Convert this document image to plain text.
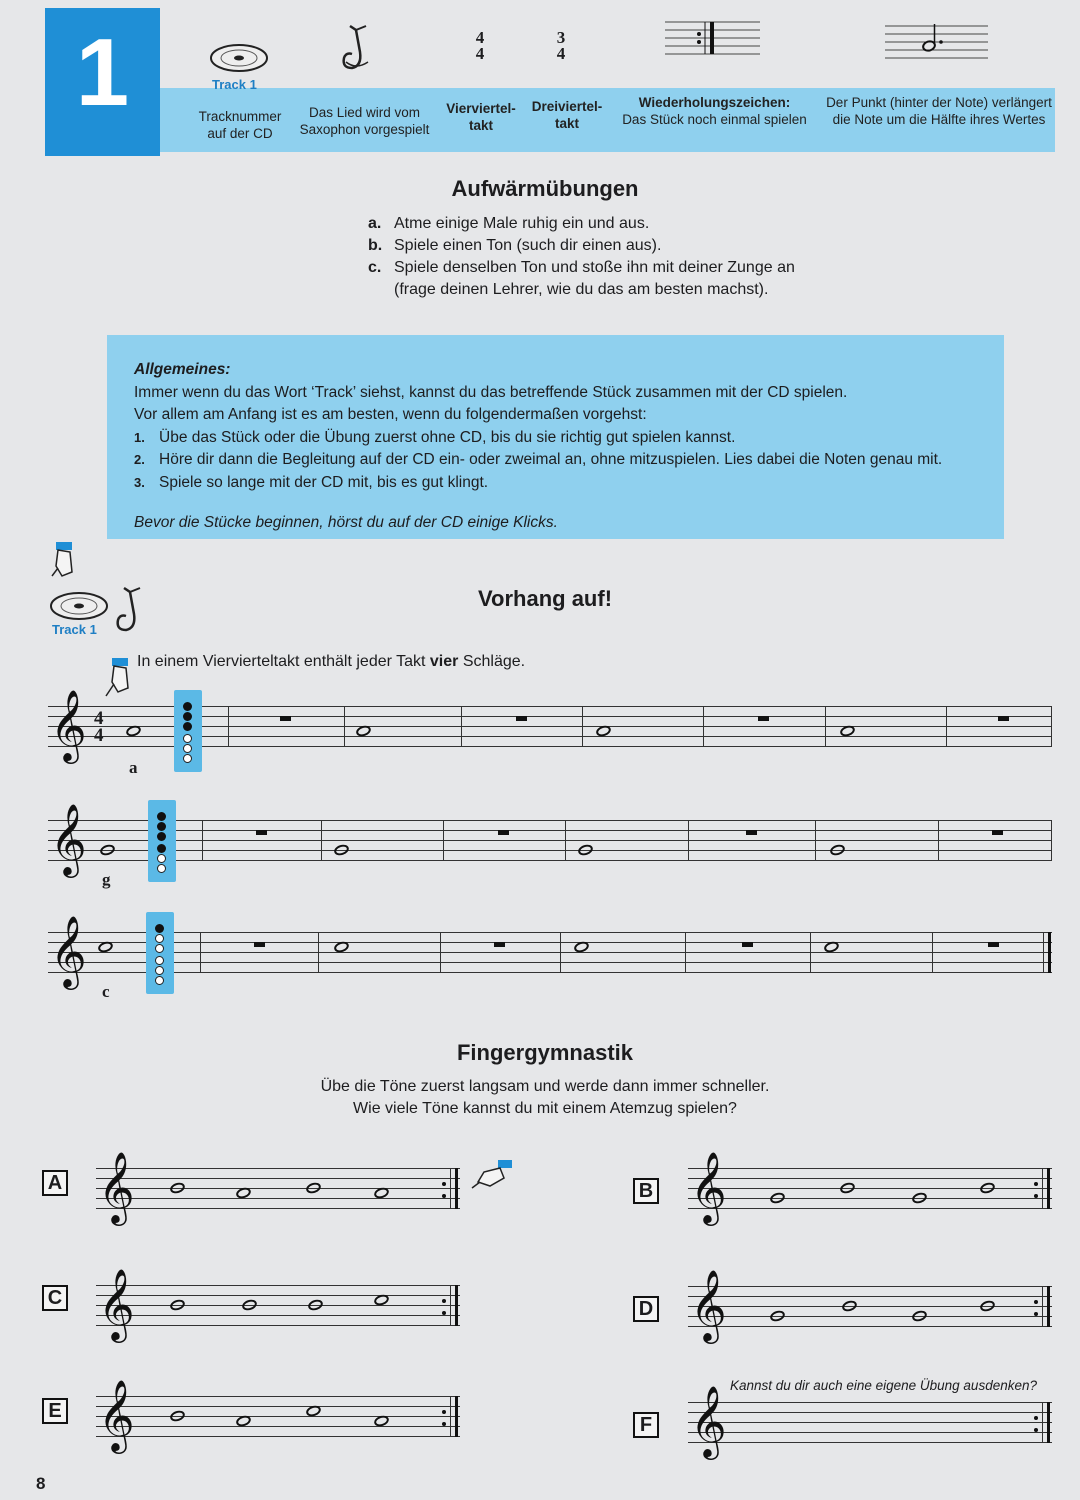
1	Track 1
4
4
3
4
Tracknummer
auf der CD
Das Lied wird vom
Saxophon vorgespielt
Vierviertel-
takt
Dreiviertel-
takt
Wiederholungszeichen:
Das Stück noch einmal spielen
Der Punkt (hinter der Note) verlängert
die Note um die Hälfte ihres Wertes
Aufwärmübungen
a. Atme einige Male ruhig ein und aus.
b. Spiele einen Ton (such dir einen aus).
c. Spiele denselben Ton und stoße ihn mit deiner Zunge an
(frage deinen Lehrer, wie du das am besten machst).
Allgemeines:
Immer wenn du das Wort ‘Track’ siehst, kannst du das betreffende Stück zusammen mit der CD spielen.
Vor allem am Anfang ist es am besten, wenn du folgendermaßen vorgehst:
1. Übe das Stück oder die Übung zuerst ohne CD, bis du sie richtig gut spielen kannst.
2. Höre dir dann die Begleitung auf der CD ein- oder zweimal an, ohne mitzuspielen. Lies dabei die Noten genau mit.
3. Spiele so lange mit der CD mit, bis es gut klingt.
Bevor die Stücke beginnen, hörst du auf der CD einige Klicks.
Track 1
Vorhang auf!
In einem Viervierteltakt enthält jeder Takt vier Schläge.
𝄞 4
4
a
𝄞
g
𝄞
c
Fingergymnastik
Übe die Töne zuerst langsam und werde dann immer schneller.
Wie viele Töne kannst du mit einem Atemzug spielen?
A 𝄞	B 𝄞
C 𝄞	D 𝄞
E 𝄞	Kannst du dir auch eine eigene Übung ausdenken?
F 𝄞
8
